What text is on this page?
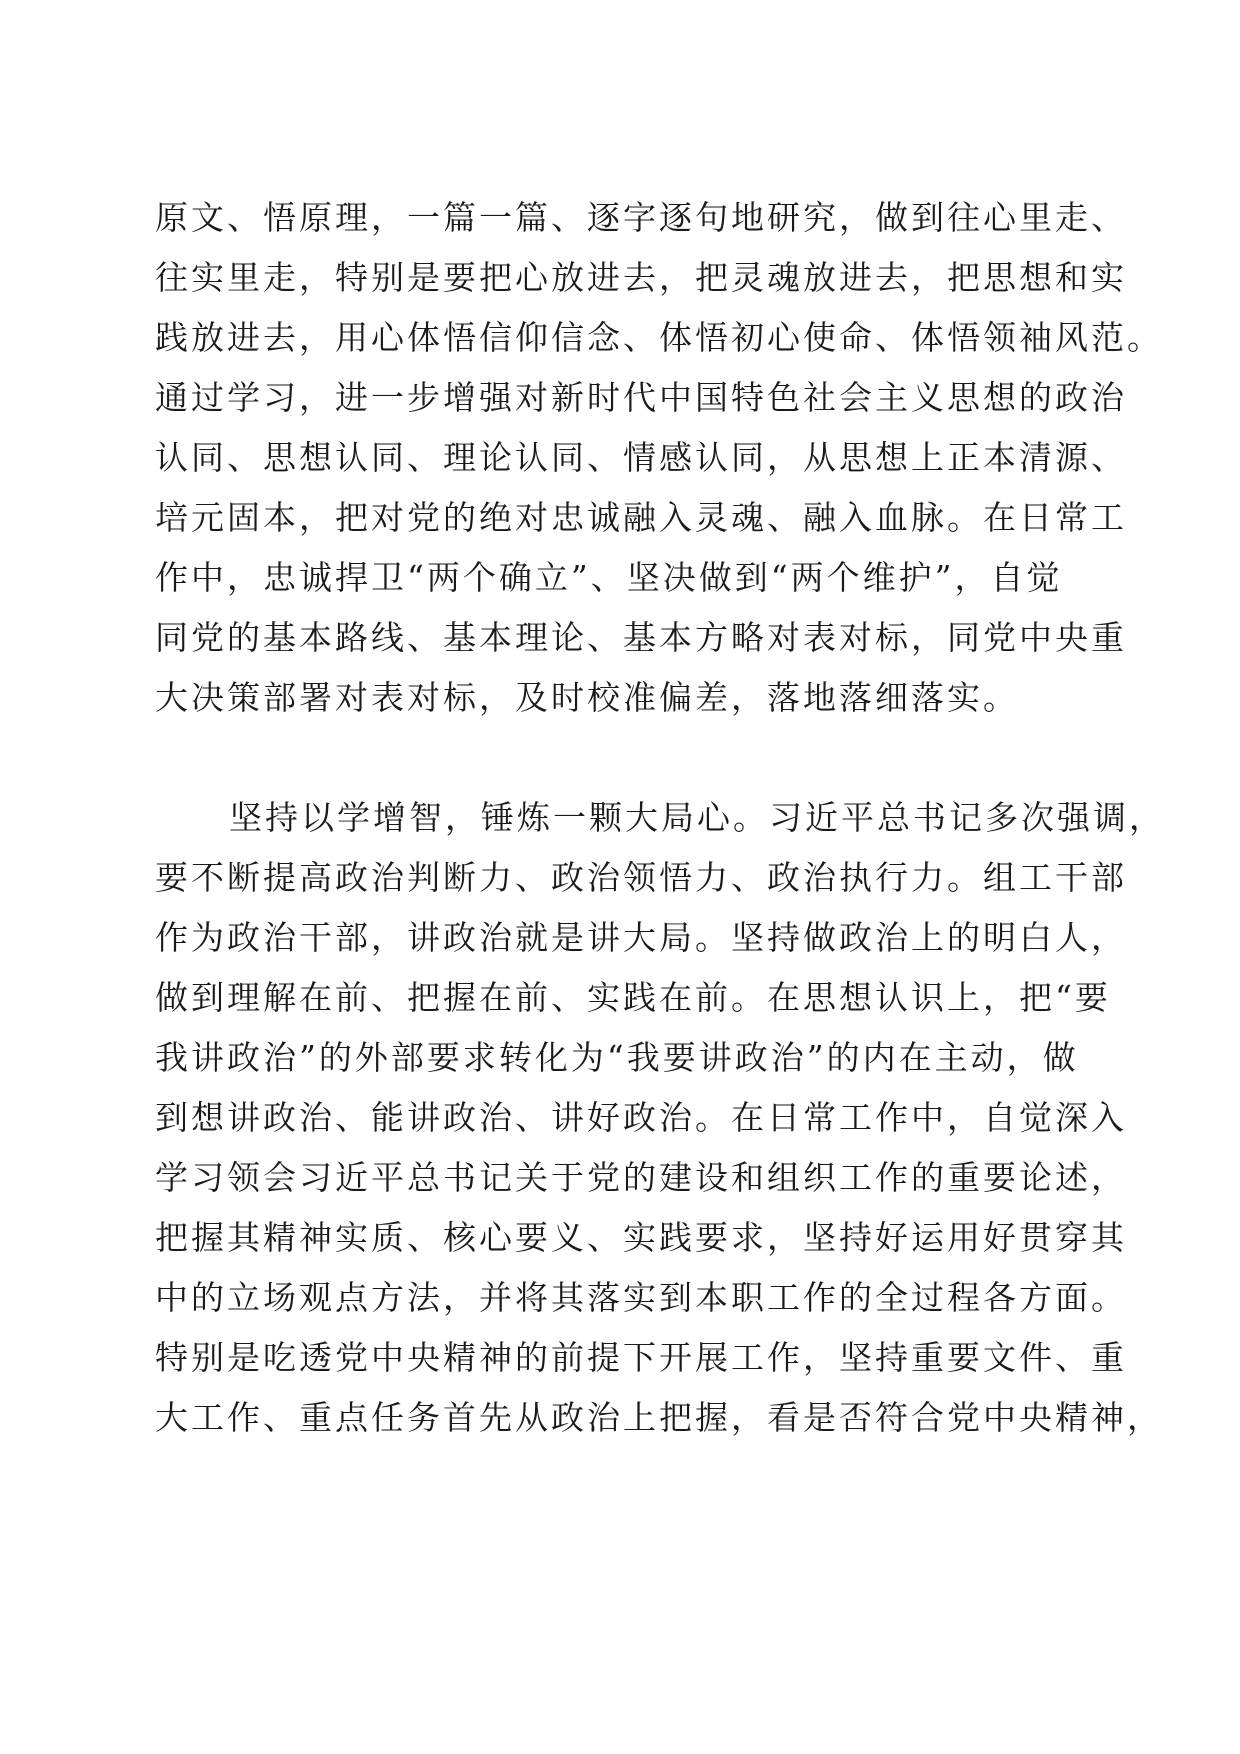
原文、悟原理，一篇一篇、逐字逐句地研究，做到往心里走、
往实里走，特别是要把心放进去，把灵魂放进去，把思想和实
践放进去，用心体悟信仰信念、体悟初心使命、体悟领袖风范。
通过学习，进一步增强对新时代中国特色社会主义思想的政治
认同、思想认同、理论认同、情感认同，从思想上正本清源、
培元固本，把对党的绝对忠诚融入灵魂、融入血脉。在日常工
作中，忠诚捍卫“两个确立”、坚决做到“两个维护”，自觉
同党的基本路线、基本理论、基本方略对表对标，同党中央重
大决策部署对表对标，及时校准偏差，落地落细落实。
坚持以学增智，锤炼一颗大局心。习近平总书记多次强调，
要不断提高政治判断力、政治领悟力、政治执行力。组工干部
作为政治干部，讲政治就是讲大局。坚持做政治上的明白人，
做到理解在前、把握在前、实践在前。在思想认识上，把“要
我讲政治”的外部要求转化为“我要讲政治”的内在主动，做
到想讲政治、能讲政治、讲好政治。在日常工作中，自觉深入
学习领会习近平总书记关于党的建设和组织工作的重要论述，
把握其精神实质、核心要义、实践要求，坚持好运用好贯穿其
中的立场观点方法，并将其落实到本职工作的全过程各方面。
特别是吃透党中央精神的前提下开展工作，坚持重要文件、重
大工作、重点任务首先从政治上把握，看是否符合党中央精神，
